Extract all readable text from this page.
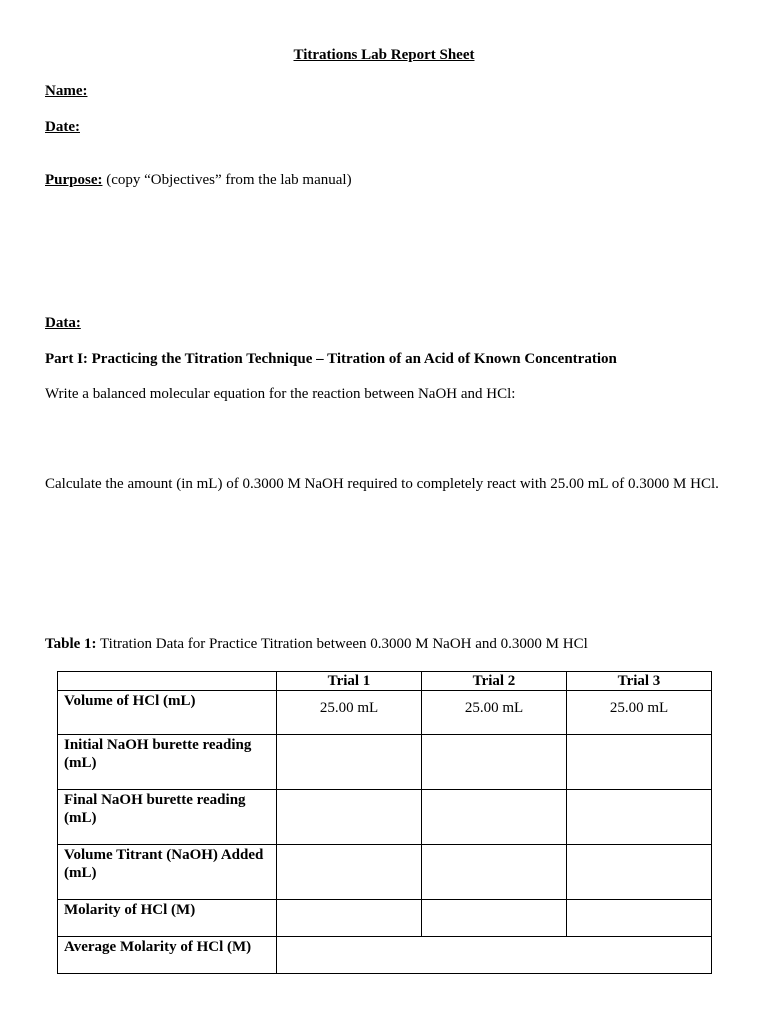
Titrations Lab Report Sheet
Name:
Date:
Purpose: (copy “Objectives” from the lab manual)
Data:
Part I: Practicing the Titration Technique – Titration of an Acid of Known Concentration
Write a balanced molecular equation for the reaction between NaOH and HCl:
Calculate the amount (in mL) of 0.3000 M NaOH required to completely react with 25.00 mL of 0.3000 M HCl.
Table 1: Titration Data for Practice Titration between 0.3000 M NaOH and 0.3000 M HCl
	Trial 1	Trial 2	Trial 3
Volume of HCl (mL)	25.00 mL	25.00 mL	25.00 mL
Initial NaOH burette reading (mL)			
Final NaOH burette reading (mL)			
Volume Titrant (NaOH) Added (mL)			
Molarity of HCl (M)			
Average Molarity of HCl (M)			
